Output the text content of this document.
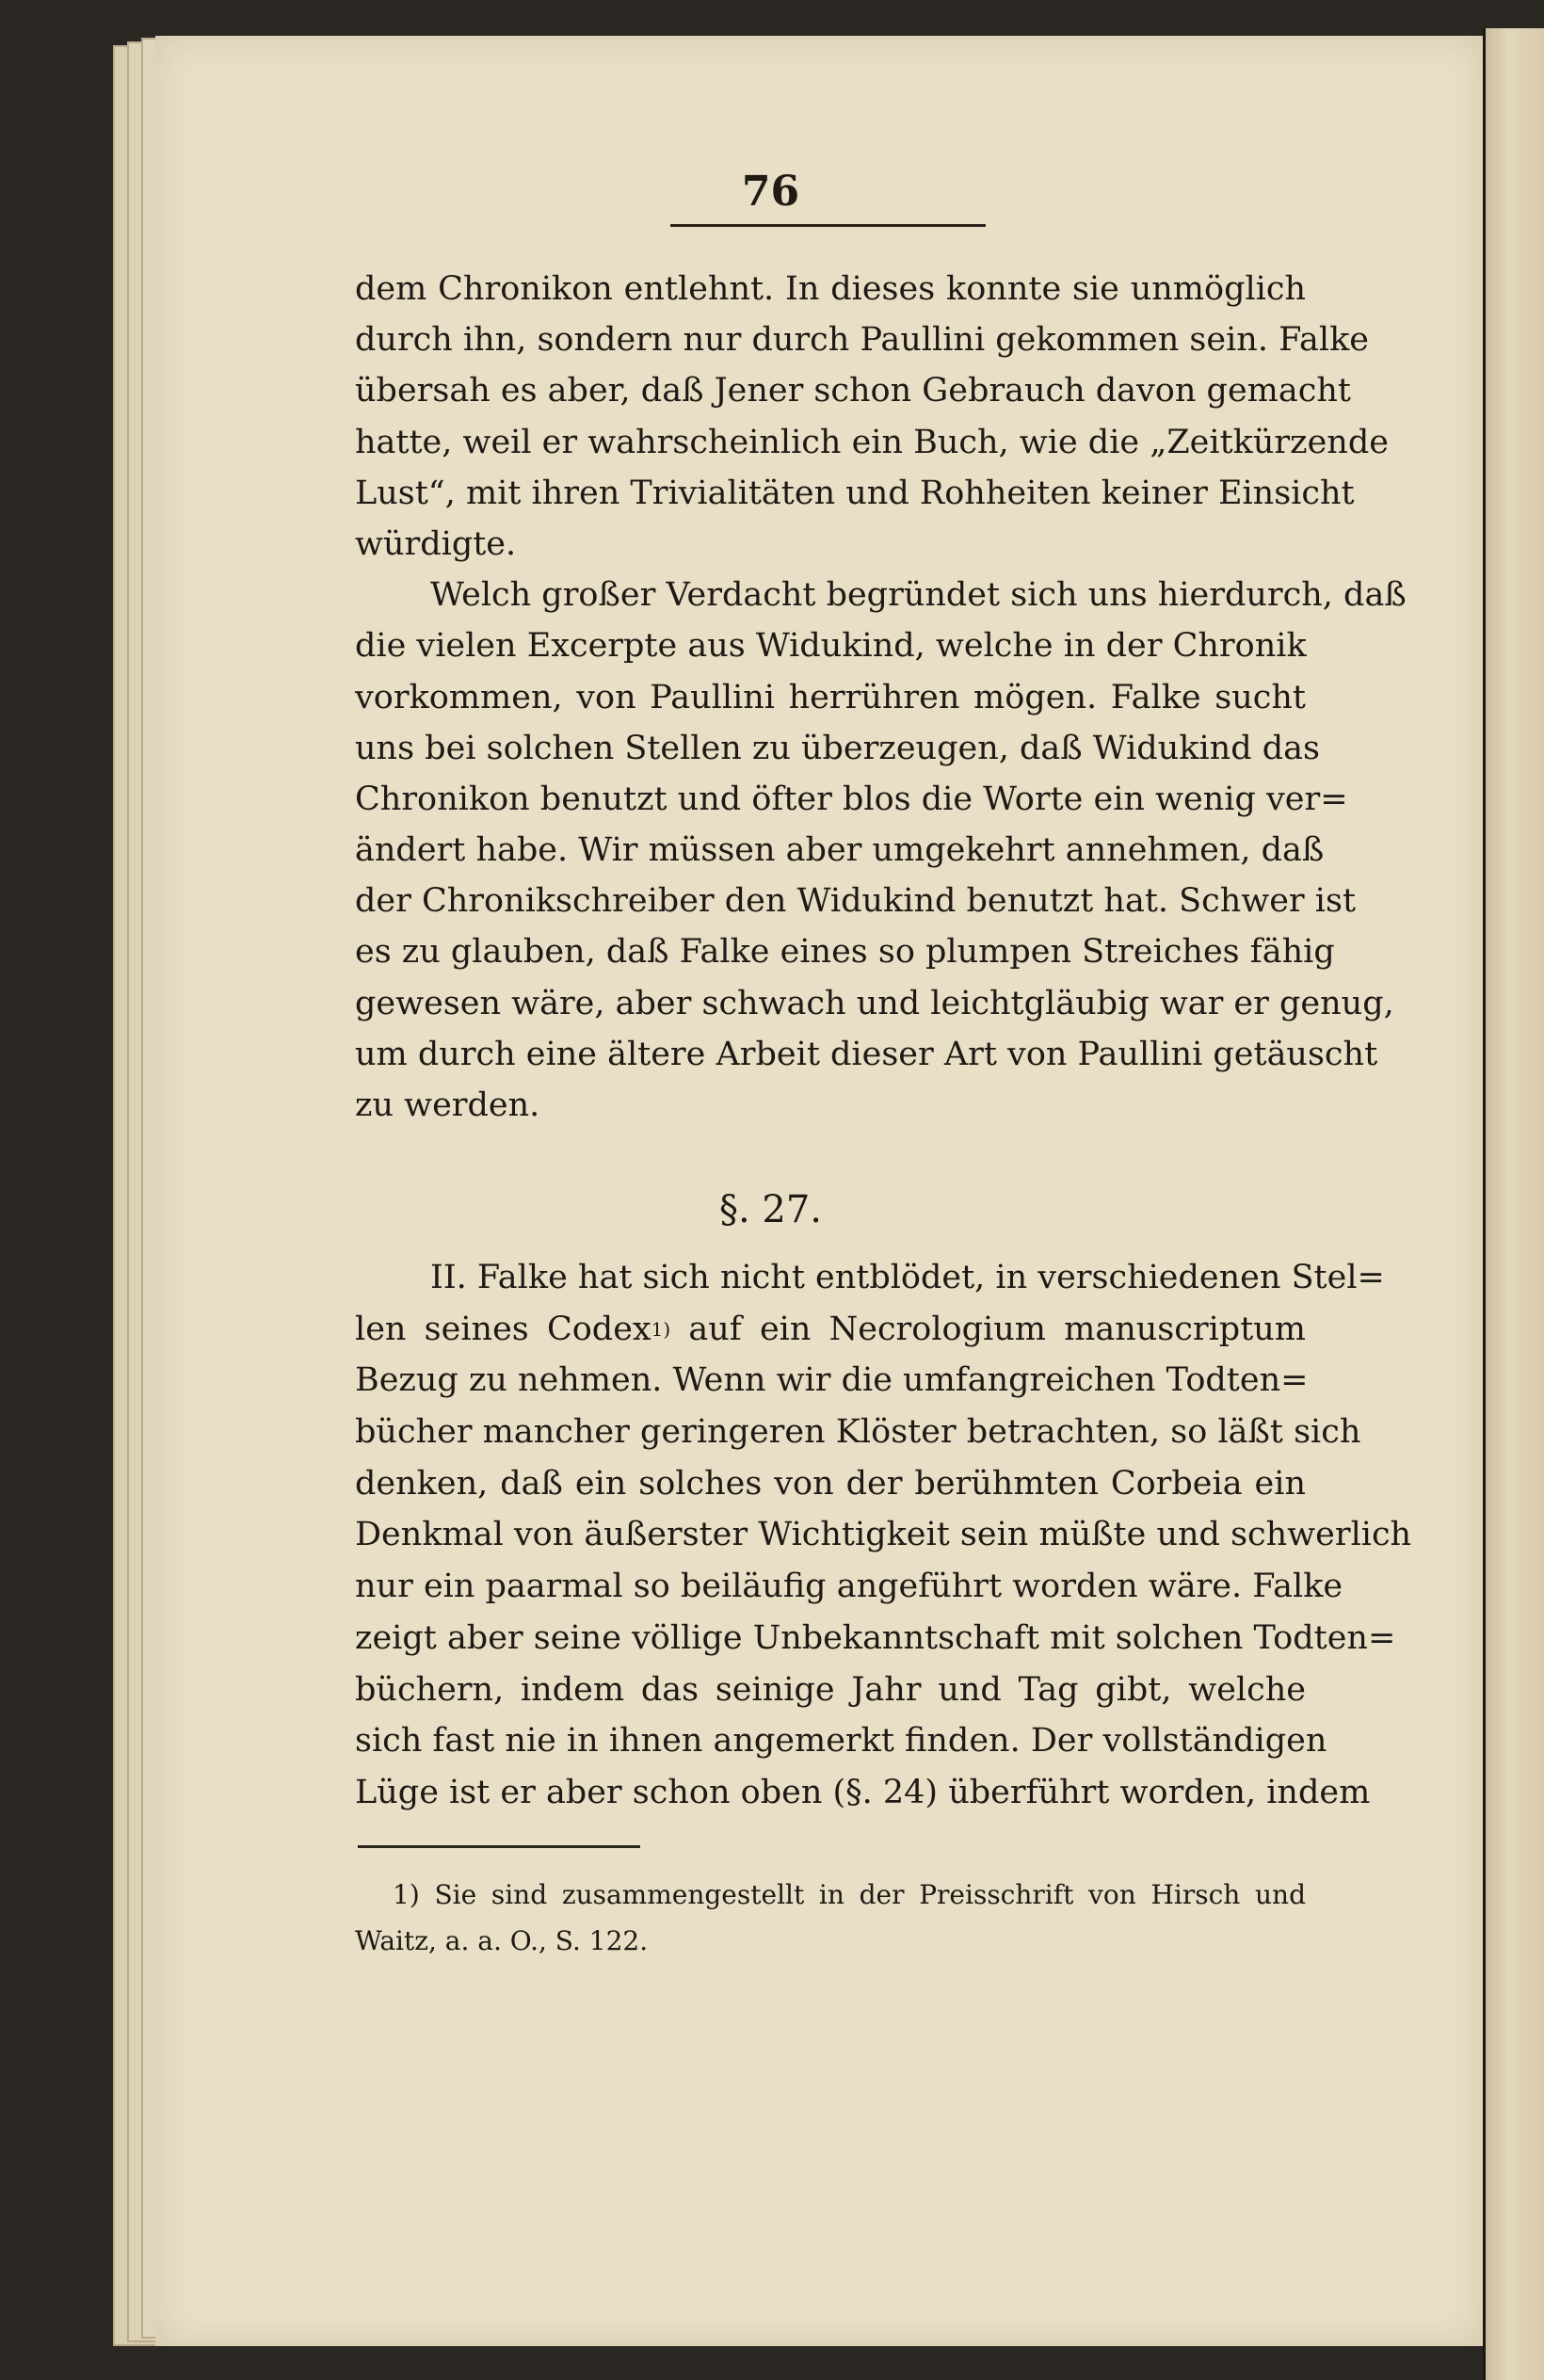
76
dem Chronikon entlehnt. In dieses konnte sie unmöglich
durch ihn, sondern nur durch Paullini gekommen sein. Falke
übersah es aber, daß Jener schon Gebrauch davon gemacht
hatte, weil er wahrscheinlich ein Buch, wie die „Zeitkürzende
Lust“, mit ihren Trivialitäten und Rohheiten keiner Einsicht
würdigte.
Welch großer Verdacht begründet sich uns hierdurch, daß
die vielen Excerpte aus Widukind, welche in der Chronik
vorkommen, von Paullini herrühren mögen. Falke sucht
uns bei solchen Stellen zu überzeugen, daß Widukind das
Chronikon benutzt und öfter blos die Worte ein wenig ver=
ändert habe. Wir müssen aber umgekehrt annehmen, daß
der Chronikschreiber den Widukind benutzt hat. Schwer ist
es zu glauben, daß Falke eines so plumpen Streiches fähig
gewesen wäre, aber schwach und leichtgläubig war er genug,
um durch eine ältere Arbeit dieser Art von Paullini getäuscht
zu werden.
§. 27.
II. Falke hat sich nicht entblödet, in verschiedenen Stel=
len seines Codex$^{1)}$ auf ein Necrologium manuscriptum
Bezug zu nehmen. Wenn wir die umfangreichen Todten=
bücher mancher geringeren Klöster betrachten, so läßt sich
denken, daß ein solches von der berühmten Corbeia ein
Denkmal von äußerster Wichtigkeit sein müßte und schwerlich
nur ein paarmal so beiläufig angeführt worden wäre. Falke
zeigt aber seine völlige Unbekanntschaft mit solchen Todten=
büchern, indem das seinige Jahr und Tag gibt, welche
sich fast nie in ihnen angemerkt finden. Der vollständigen
Lüge ist er aber schon oben (§. 24) überführt worden, indem
1) Sie sind zusammengestellt in der Preisschrift von Hirsch und
Waitz, a. a. O., S. 122.
